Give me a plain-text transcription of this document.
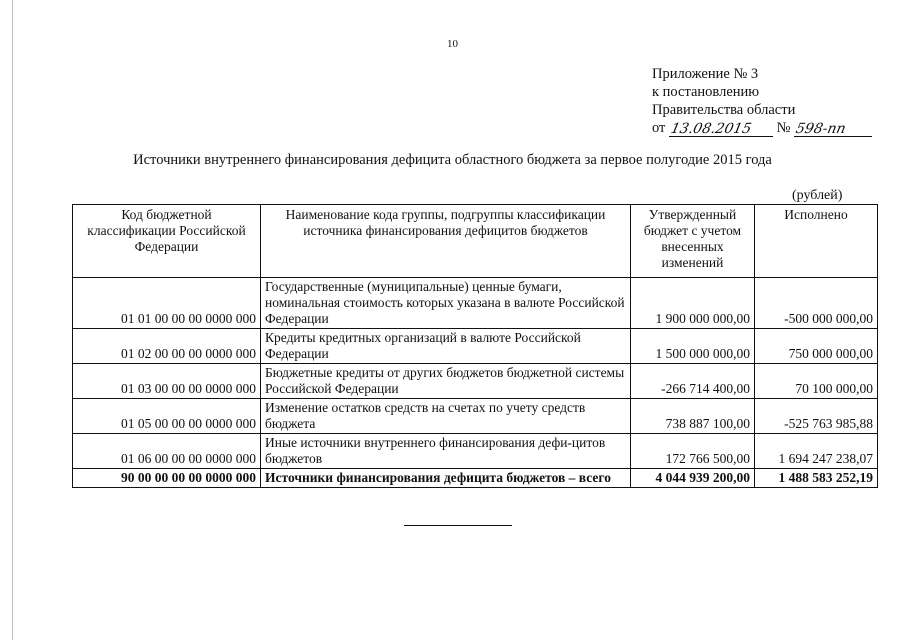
10
Приложение № 3
к постановлению
Правительства области
от 13.08.2015 № 598-пп
Источники внутреннего финансирования дефицита областного бюджета за первое полугодие 2015 года
(рублей)
Код бюджетной классификации Российской Федерации	Наименование кода группы, подгруппы классификации источника финансирования дефицитов бюджетов	Утвержденный бюджет с учетом внесенных изменений	Исполнено
01 01 00 00 00 0000 000	Государственные (муниципальные) ценные бумаги, номинальная стоимость которых указана в валюте Российской Федерации	1 900 000 000,00	-500 000 000,00
01 02 00 00 00 0000 000	Кредиты кредитных организаций в валюте Российской Федерации	1 500 000 000,00	750 000 000,00
01 03 00 00 00 0000 000	Бюджетные кредиты от других бюджетов бюджетной системы Российской Федерации	-266 714 400,00	70 100 000,00
01 05 00 00 00 0000 000	Изменение остатков средств на счетах по учету средств бюджета	738 887 100,00	-525 763 985,88
01 06 00 00 00 0000 000	Иные источники внутреннего финансирования дефи-цитов бюджетов	172 766 500,00	1 694 247 238,07
90 00 00 00 00 0000 000	Источники финансирования дефицита бюджетов – всего	4 044 939 200,00	1 488 583 252,19
